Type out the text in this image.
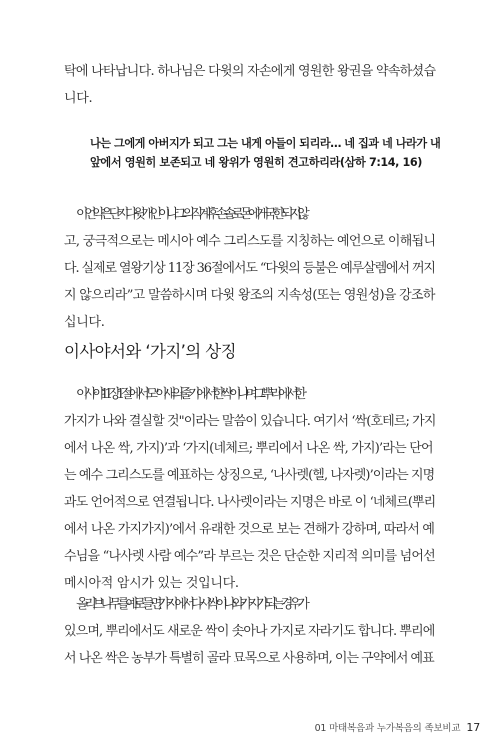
탁에 나타납니다. 하나님은 다윗의 자손에게 영원한 왕권을 약속하셨습
니다.
나는 그에게 아버지가 되고 그는 내게 아들이 되리라… 네 집과 네 나라가 내
앞에서 영원히 보존되고 네 왕위가 영원히 견고하리라(삼하 7:14, 16)
이 언약은 단지 다윗 개인이나 그의 직계 후손 솔로몬에게 국한되지 않
고, 궁극적으로는 메시아 예수 그리스도를 지칭하는 예언으로 이해됩니
다. 실제로 열왕기상 11장 36절에서도 “다윗의 등불은 예루살렘에서 꺼지
지 않으리라”고 말씀하시며 다윗 왕조의 지속성(또는 영원성)을 강조하
십니다.
이사야서와 ‘가지’의 상징
이사야 11장 1절에서도 "이새의 줄기에서 한 싹이 나며 그 뿌리에서 한
가지가 나와 결실할 것"이라는 말씀이 있습니다. 여기서 ‘싹(호테르; 가지
에서 나온 싹, 가지)’과 ‘가지(네체르; 뿌리에서 나온 싹, 가지)’라는 단어
는 예수 그리스도를 예표하는 상징으로, ‘나사렛(헬, 나자렛)’이라는 지명
과도 언어적으로 연결됩니다. 나사렛이라는 지명은 바로 이 ‘네체르(뿌리
에서 나온 가지가지)’에서 유래한 것으로 보는 견해가 강하며, 따라서 예
수님을 “나사렛 사람 예수”라 부르는 것은 단순한 지리적 의미를 넘어선
메시아적 암시가 있는 것입니다.
올리브나무를 예로 들면, 가지에서 다시 싹이 나와 가지가 되는 경우가
있으며, 뿌리에서도 새로운 싹이 솟아나 가지로 자라기도 합니다. 뿌리에
서 나온 싹은 농부가 특별히 골라 묘목으로 사용하며, 이는 구약에서 예표
01 마태복음과 누가복음의 족보비교 17
